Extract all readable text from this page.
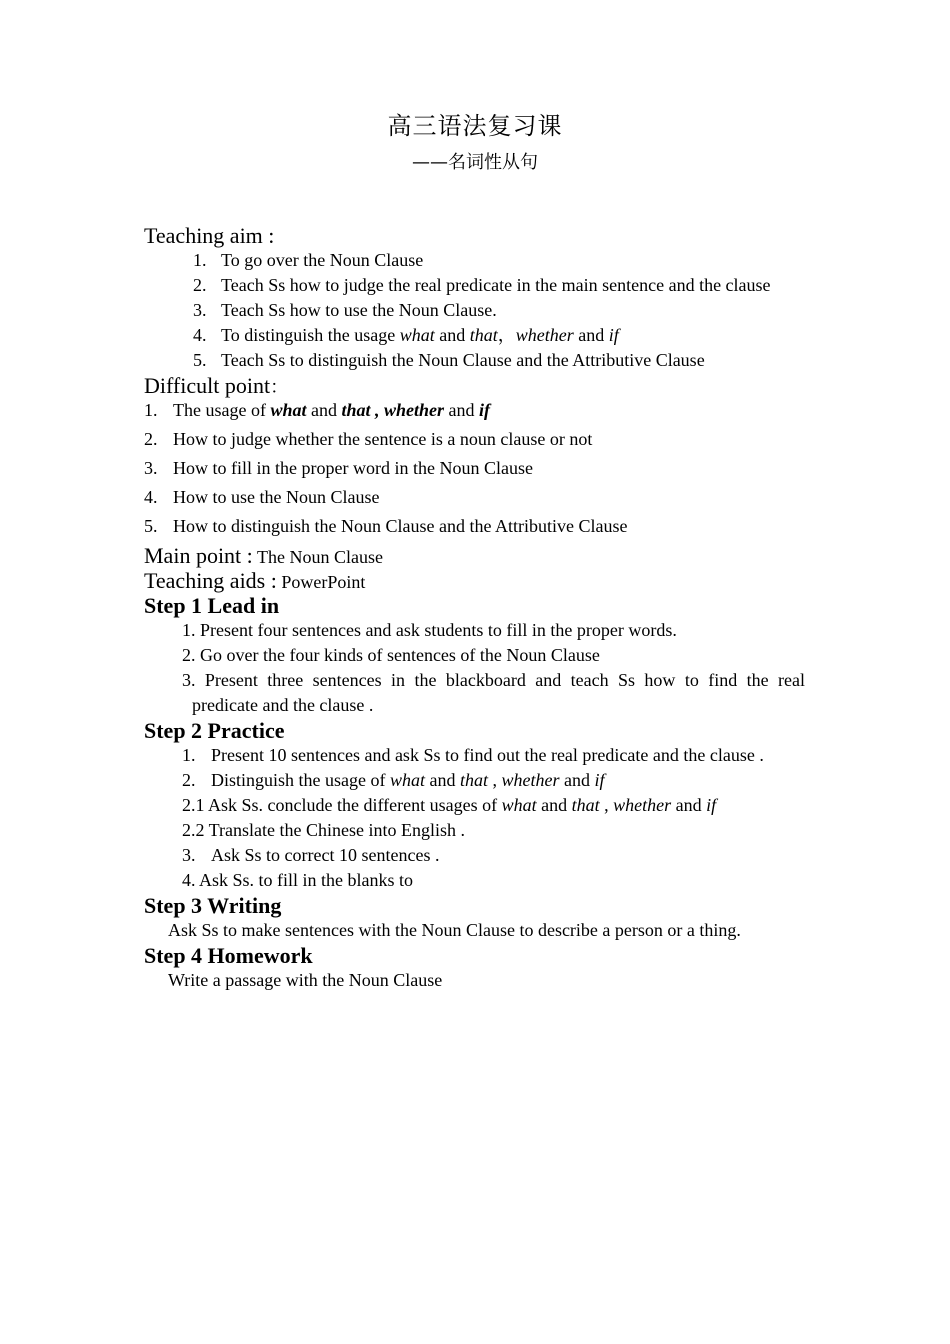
高三语法复习课
——名词性从句
Teaching aim :
1. To go over the Noun Clause
2. Teach Ss how to judge the real predicate in the main sentence and the clause
3. Teach Ss how to use the Noun Clause.
4. To distinguish the usage what and that，whether and if
5. Teach Ss to distinguish the Noun Clause and the Attributive Clause
Difficult point：
1. The usage of what and that , whether and if
2. How to judge whether the sentence is a noun clause or not
3. How to fill in the proper word in the Noun Clause
4. How to use the Noun Clause
5. How to distinguish the Noun Clause and the Attributive Clause
Main point : The Noun Clause
Teaching aids : PowerPoint
Step 1 Lead in
1. Present four sentences and ask students to fill in the proper words.
2. Go over the four kinds of sentences of the Noun Clause
3. Present three sentences in the blackboard and teach Ss how to find the real
predicate and the clause .
Step 2 Practice
1. Present 10 sentences and ask Ss to find out the real predicate and the clause .
2. Distinguish the usage of what and that , whether and if
2.1 Ask Ss. conclude the different usages of what and that , whether and if
2.2 Translate the Chinese into English .
3. Ask Ss to correct 10 sentences .
4. Ask Ss. to fill in the blanks to
Step 3 Writing
Ask Ss to make sentences with the Noun Clause to describe a person or a thing.
Step 4 Homework
Write a passage with the Noun Clause
